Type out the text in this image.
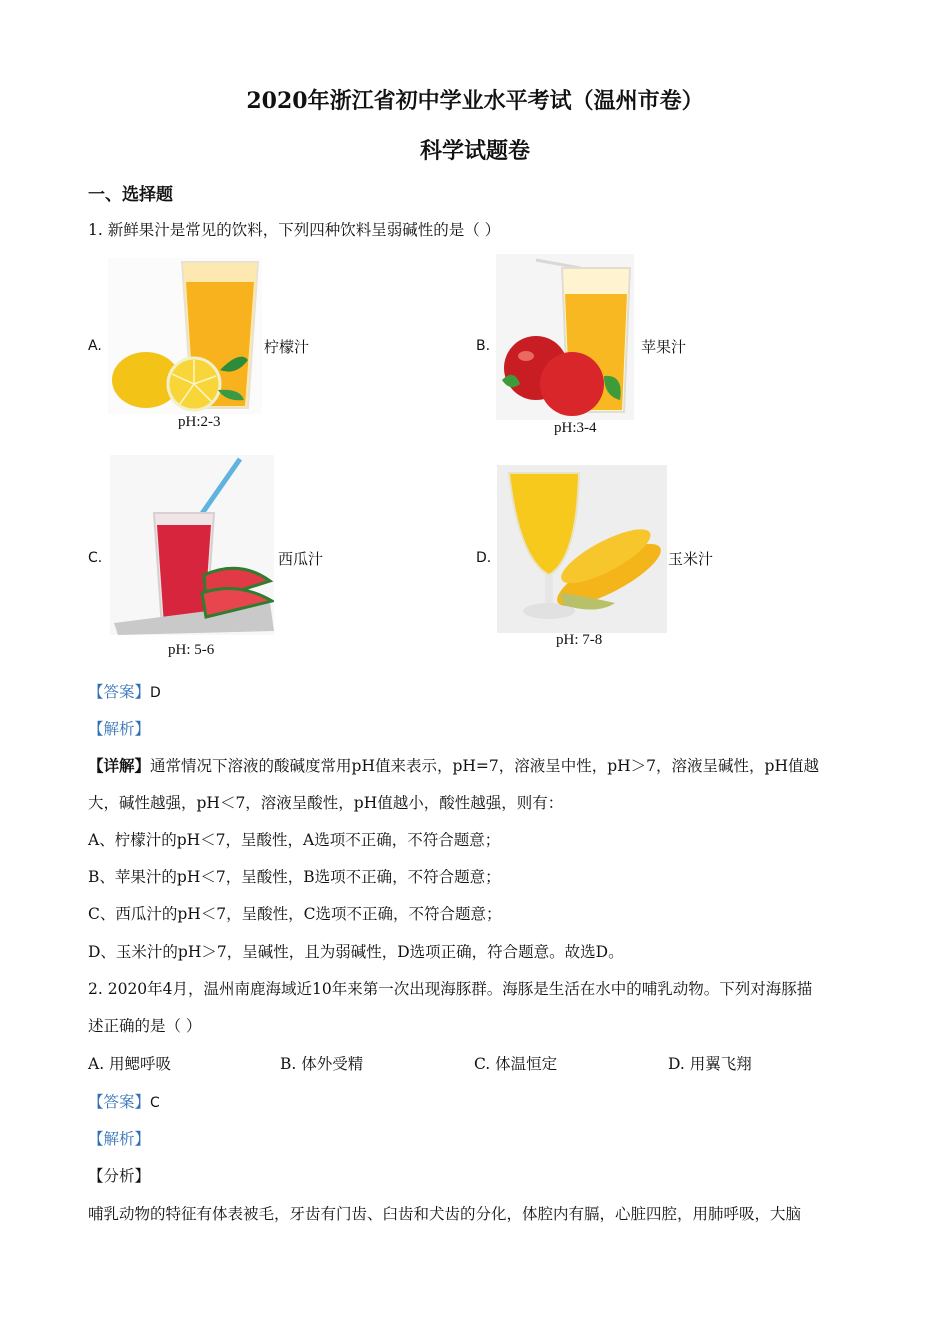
2020年浙江省初中学业水平考试（温州市卷）
科学试题卷
一、选择题
1. 新鲜果汁是常见的饮料，下列四种饮料呈弱碱性的是（ ）
A.	柠檬汁
pH:2-3
B.	苹果汁
pH:3-4
C.	西瓜汁
pH: 5-6
D.	玉米汁
pH: 7-8
【答案】D
【解析】
【详解】通常情况下溶液的酸碱度常用pH值来表示，pH=7，溶液呈中性，pH＞7，溶液呈碱性，pH值越
大，碱性越强，pH＜7，溶液呈酸性，pH值越小，酸性越强，则有：
A、柠檬汁的pH＜7，呈酸性，A选项不正确，不符合题意；
B、苹果汁的pH＜7，呈酸性，B选项不正确，不符合题意；
C、西瓜汁的pH＜7，呈酸性，C选项不正确，不符合题意；
D、玉米汁的pH＞7，呈碱性，且为弱碱性，D选项正确，符合题意。故选D。
2. 2020年4月，温州南鹿海域近10年来第一次出现海豚群。海豚是生活在水中的哺乳动物。下列对海豚描
述正确的是（ ）
A. 用鳃呼吸	B. 体外受精	C. 体温恒定	D. 用翼飞翔
【答案】C
【解析】
【分析】
哺乳动物的特征有体表被毛，牙齿有门齿、臼齿和犬齿的分化，体腔内有膈，心脏四腔，用肺呼吸，大脑
